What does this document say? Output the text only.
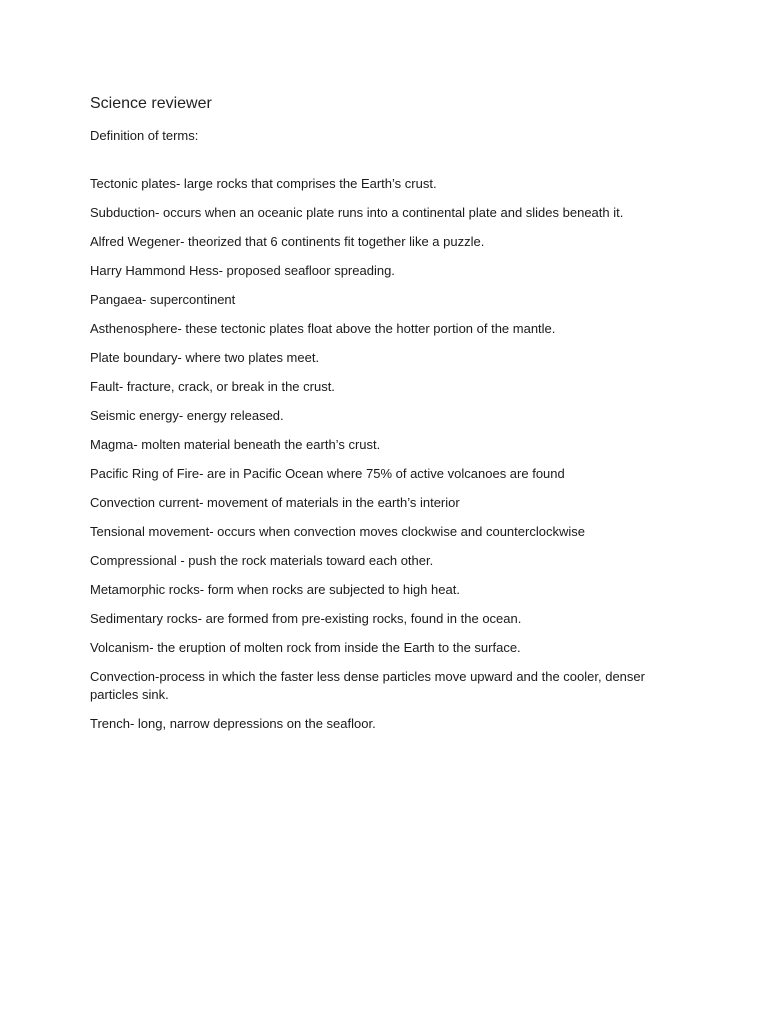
Science reviewer
Definition of terms:
Tectonic plates- large rocks that comprises the Earth’s crust.
Subduction- occurs when an oceanic plate runs into a continental plate and slides beneath it.
Alfred Wegener- theorized that 6 continents fit together like a puzzle.
Harry Hammond Hess- proposed seafloor spreading.
Pangaea- supercontinent
Asthenosphere- these tectonic plates float above the hotter portion of the mantle.
Plate boundary- where two plates meet.
Fault- fracture, crack, or break in the crust.
Seismic energy- energy released.
Magma- molten material beneath the earth’s crust.
Pacific Ring of Fire- are in Pacific Ocean where 75% of active volcanoes are found
Convection current- movement of materials in the earth’s interior
Tensional movement- occurs when convection moves clockwise and counterclockwise
Compressional - push the rock materials toward each other.
Metamorphic rocks- form when rocks are subjected to high heat.
Sedimentary rocks- are formed from pre-existing rocks, found in the ocean.
Volcanism- the eruption of molten rock from inside the Earth to the surface.
Convection-process in which the faster less dense particles move upward and the cooler, denser particles sink.
Trench- long, narrow depressions on the seafloor.
